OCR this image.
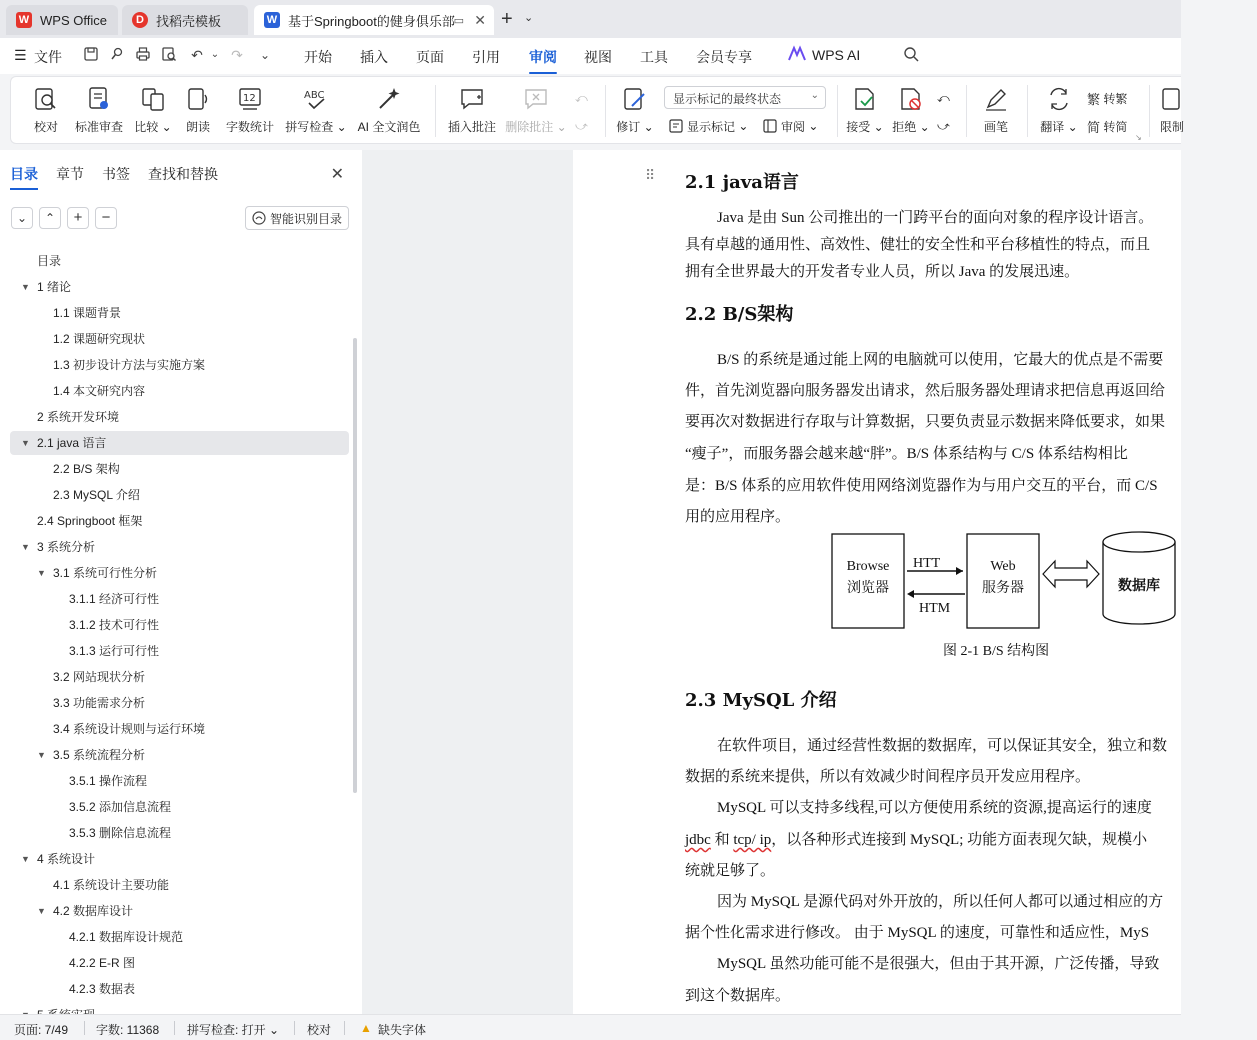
W WPS Office	D 找稻壳模板	W 基于Springboot的健身俱乐部
▭ ✕ + ⌄
☰ 文件	↶ ⌄ ↷	⌄ 开始 插入 页面 引用 审阅 视图 工具 会员专享	WPS AI
校对 标准审查 比较 ⌄ 朗读
12
字数统计
ABC
拼写检查 ⌄ AI 全文润色 插入批注 删除批注 ⌄
⤺
⤻ 修订 ⌄
显示标记的最终状态	⌄
显示标记 ⌄	审阅 ⌄ 接受 ⌄ 拒绝 ⌄
⤺
⤻	画笔	翻译 ⌄
繁
转繁
简
转简
↘
限制
目录 章节 书签 查找和替换	✕
⌄	⌃	+	−	智能识别目录
目录
▼ 1 绪论
1.1 课题背景
1.2 课题研究现状
1.3 初步设计方法与实施方案
1.4 本文研究内容
2 系统开发环境
▼ 2.1 java 语言
2.2 B/S 架构
2.3 MySQL 介绍
2.4 Springboot 框架
▼ 3 系统分析
▼ 3.1 系统可行性分析
3.1.1 经济可行性
3.1.2 技术可行性
3.1.3 运行可行性
3.2 网站现状分析
3.3 功能需求分析
3.4 系统设计规则与运行环境
▼ 3.5 系统流程分析
3.5.1 操作流程
3.5.2 添加信息流程
3.5.3 删除信息流程
▼ 4 系统设计
4.1 系统设计主要功能
▼ 4.2 数据库设计
4.2.1 数据库设计规范
4.2.2 E-R 图
4.2.3 数据表
⠿ 2.1 java语言
Java 是由 Sun 公司推出的一门跨平台的面向对象的程序设计语言。
具有卓越的通用性、高效性、健壮的安全性和平台移植性的特点，而且
拥有全世界最大的开发者专业人员，所以 Java 的发展迅速。
2.2 B/S架构
B/S 的系统是通过能上网的电脑就可以使用，它最大的优点是不需要
件，首先浏览器向服务器发出请求，然后服务器处理请求把信息再返回给
要再次对数据进行存取与计算数据，只要负责显示数据来降低要求，如果
“瘦子”，而服务器会越来越“胖”。B/S 体系结构与 C/S 体系结构相比
是：B/S 体系的应用软件使用网络浏览器作为与用户交互的平台，而 C/S
用的应用程序。
Browse
浏览器
HTT
HTM
Web
服务器	数据库
图 2-1 B/S 结构图
2.3 MySQL 介绍
在软件项目，通过经营性数据的数据库，可以保证其安全，独立和数
数据的系统来提供，所以有效减少时间程序员开发应用程序。
MySQL 可以支持多线程,可以方便使用系统的资源,提高运行的速度
jdbc 和 tcp/ ip，以各种形式连接到 MySQL; 功能方面表现欠缺，规模小
统就足够了。
因为 MySQL 是源代码对外开放的，所以任何人都可以通过相应的方
据个性化需求进行修改。 由于 MySQL 的速度，可靠性和适应性，MyS
MySQL 虽然功能可能不是很强大，但由于其开源，广泛传播，导致
到这个数据库。
页面: 7/49 字数: 11368 拼写检查: 打开 ⌄ 校对 ▲ 缺失字体
